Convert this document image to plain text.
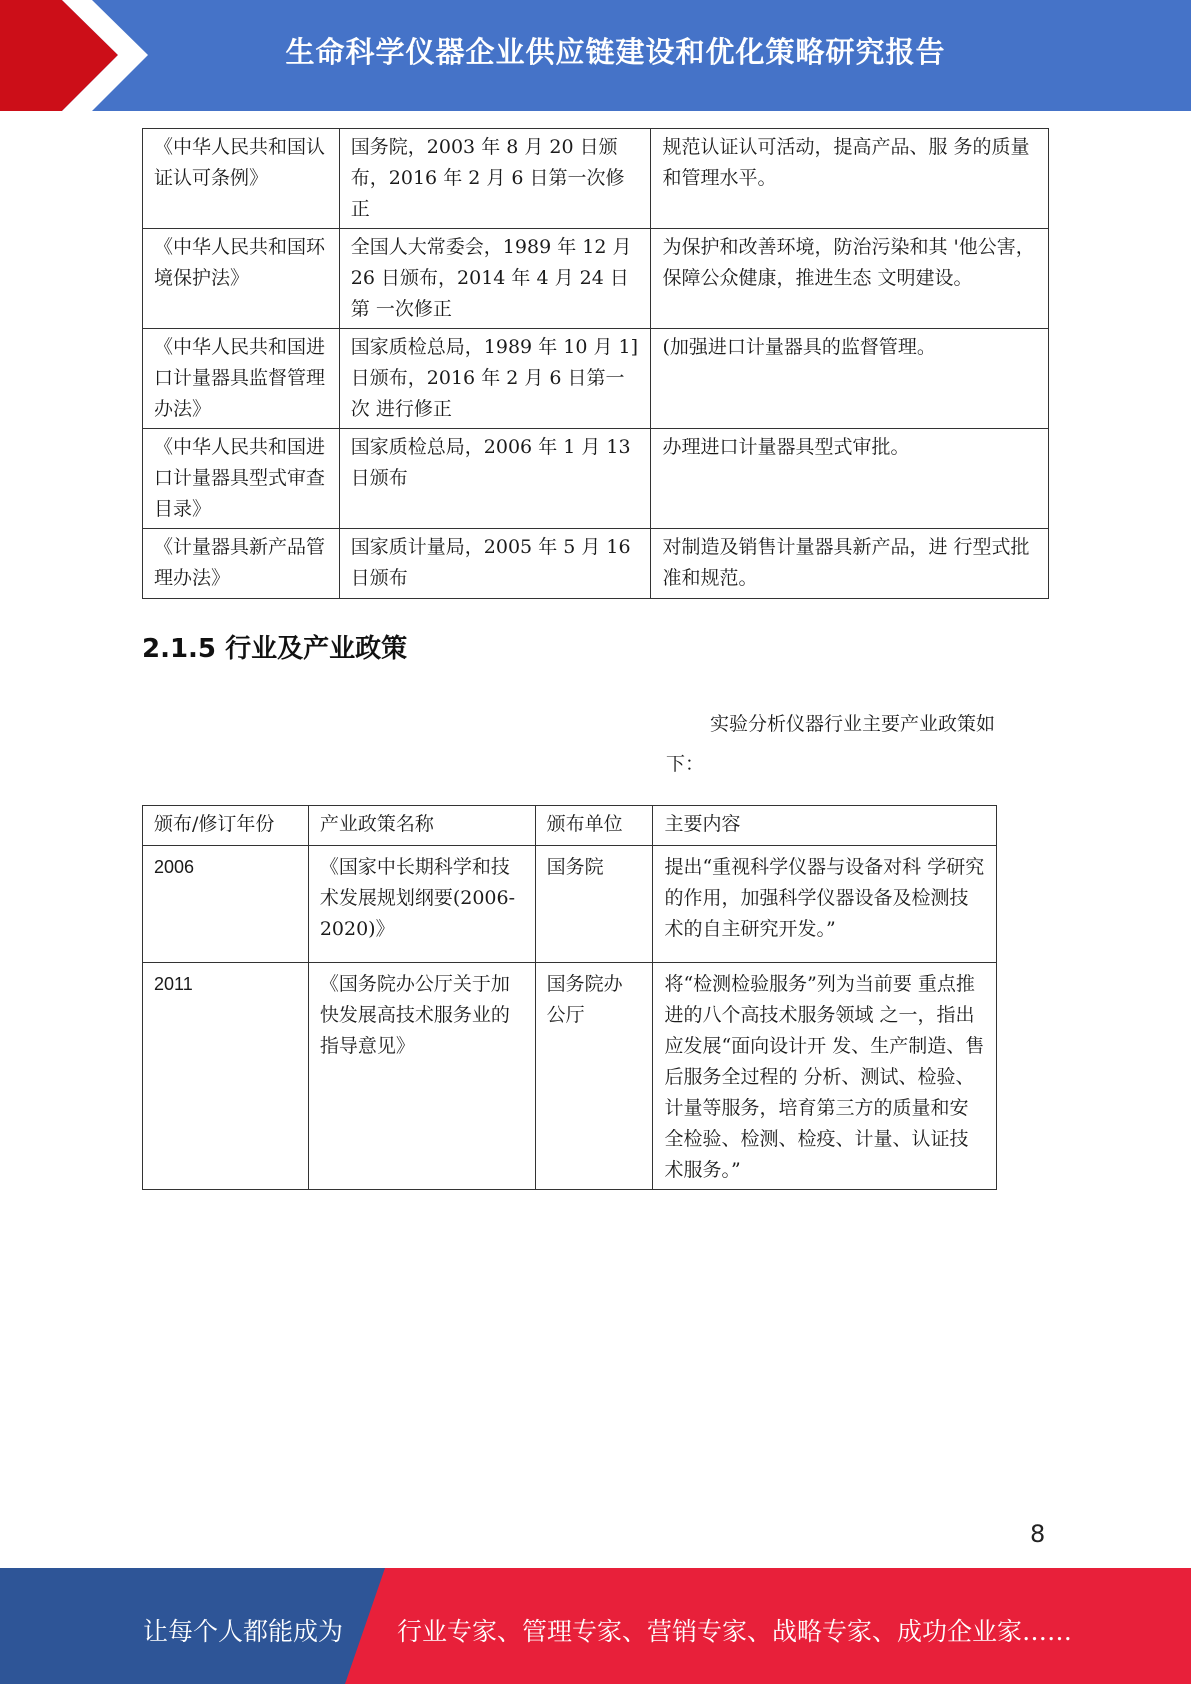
生命科学仪器企业供应链建设和优化策略研究报告
《中华人民共和国认 证认可条例》	国务院，2003 年 8 月 20 日颁布，2016 年 2 月 6 日第一次修正	规范认证认可活动，提高产品、服 务的质量和管理水平。
《中华人民共和国环 境保护法》	全国人大常委会，1989 年 12 月 26 日颁布，2014 年 4 月 24 日第 一次修正	为保护和改善环境，防治污染和其 '他公害，保障公众健康，推进生态 文明建设。
《中华人民共和国进 口计量器具监督管理 办法》	国家质检总局，1989 年 10 月 1]日颁布，2016 年 2 月 6 日第一次 进行修正	(加强进口计量器具的监督管理。
《中华人民共和国进 口计量器具型式审查 目录》	国家质检总局，2006 年 1 月 13 日颁布	办理进口计量器具型式审批。
《计量器具新产品管 理办法》	国家质计量局，2005 年 5 月 16 日颁布	对制造及销售计量器具新产品，进 行型式批准和规范。
2.1.5 行业及产业政策
实验分析仪器行业主要产业政策如下：
颁布/修订年份	产业政策名称	颁布单位	主要内容
2006	《国家中长期科学和技术发展规划纲要(2006-2020)》	国务院	提出“重视科学仪器与设备对科 学研究的作用，加强科学仪器设备及检测技术的自主研究开发。”
2011	《国务院办公厅关于加快发展高技术服务业的指导意见》	国务院办公厅	将“检测检验服务”列为当前要 重点推进的八个高技术服务领域 之一，指出应发展“面向设计开 发、生产制造、售后服务全过程的 分析、测试、检验、计量等服务，培育第三方的质量和安全检验、检测、检疫、计量、认证技术服务。”
8
让每个人都能成为 行业专家、管理专家、营销专家、战略专家、成功企业家……
